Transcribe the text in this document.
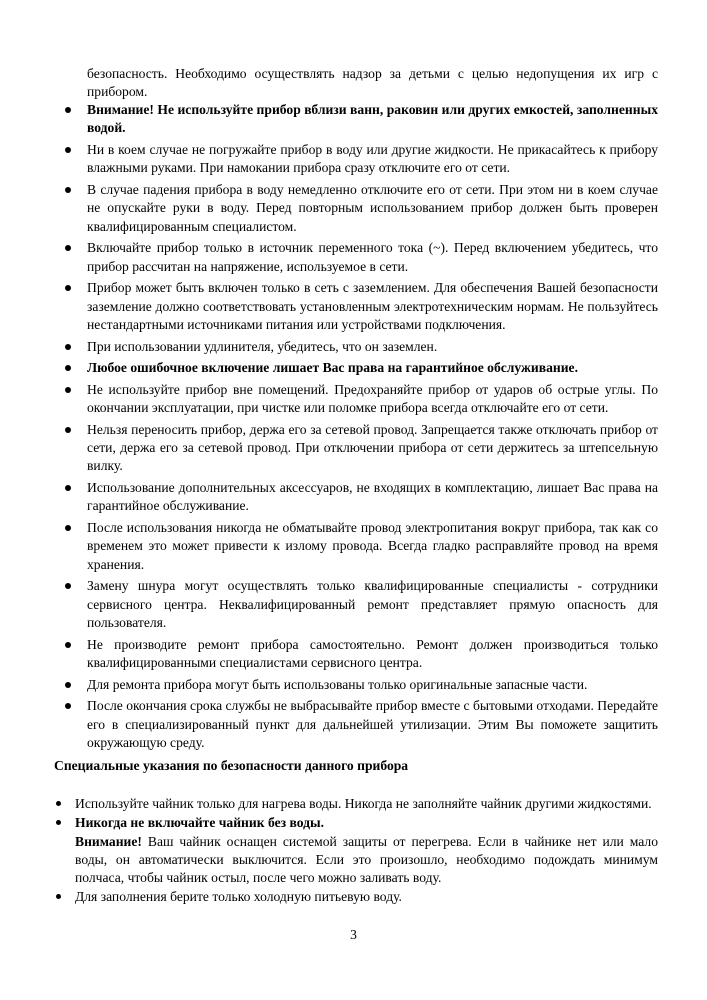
безопасность. Необходимо осуществлять надзор за детьми с целью недопущения их игр с прибором.

Внимание! Не используйте прибор вблизи ванн, раковин или других емкостей, заполненных водой.
Ни в коем случае не погружайте прибор в воду или другие жидкости. Не прикасайтесь к прибору влажными руками. При намокании прибора сразу отключите его от сети.
В случае падения прибора в воду немедленно отключите его от сети. При этом ни в коем случае не опускайте руки в воду. Перед повторным использованием прибор должен быть проверен квалифицированным специалистом.
Включайте прибор только в источник переменного тока (~). Перед включением убедитесь, что прибор рассчитан на напряжение, используемое в сети.
Прибор может быть включен только в сеть с заземлением. Для обеспечения Вашей безопасности заземление должно соответствовать установленным электротехническим нормам. Не пользуйтесь нестандартными источниками питания или устройствами подключения.
При использовании удлинителя, убедитесь, что он заземлен.
Любое ошибочное включение лишает Вас права на гарантийное обслуживание.
Не используйте прибор вне помещений. Предохраняйте прибор от ударов об острые углы. По окончании эксплуатации, при чистке или поломке прибора всегда отключайте его от сети.
Нельзя переносить прибор, держа его за сетевой провод. Запрещается также отключать прибор от сети, держа его за сетевой провод. При отключении прибора от сети держитесь за штепсельную вилку.
Использование дополнительных аксессуаров, не входящих в комплектацию, лишает Вас права на гарантийное обслуживание.
После использования никогда не обматывайте провод электропитания вокруг прибора, так как со временем это может привести к излому провода. Всегда гладко расправляйте провод на время хранения.
Замену шнура могут осуществлять только квалифицированные специалисты - сотрудники сервисного центра. Неквалифицированный ремонт представляет прямую опасность для пользователя.
Не производите ремонт прибора самостоятельно. Ремонт должен производиться только квалифицированными специалистами сервисного центра.
Для ремонта прибора могут быть использованы только оригинальные запасные части.
После окончания срока службы не выбрасывайте прибор вместе с бытовыми отходами. Передайте его в специализированный пункт для дальнейшей утилизации. Этим Вы поможете защитить окружающую среду.
Специальные указания по безопасности данного прибора
Используйте чайник только для нагрева воды. Никогда не заполняйте чайник другими жидкостями.
Никогда не включайте чайник без воды.
Внимание! Ваш чайник оснащен системой защиты от перегрева. Если в чайнике нет или мало воды, он автоматически выключится. Если это произошло, необходимо подождать минимум полчаса, чтобы чайник остыл, после чего можно заливать воду.
Для заполнения берите только холодную питьевую воду.
3
